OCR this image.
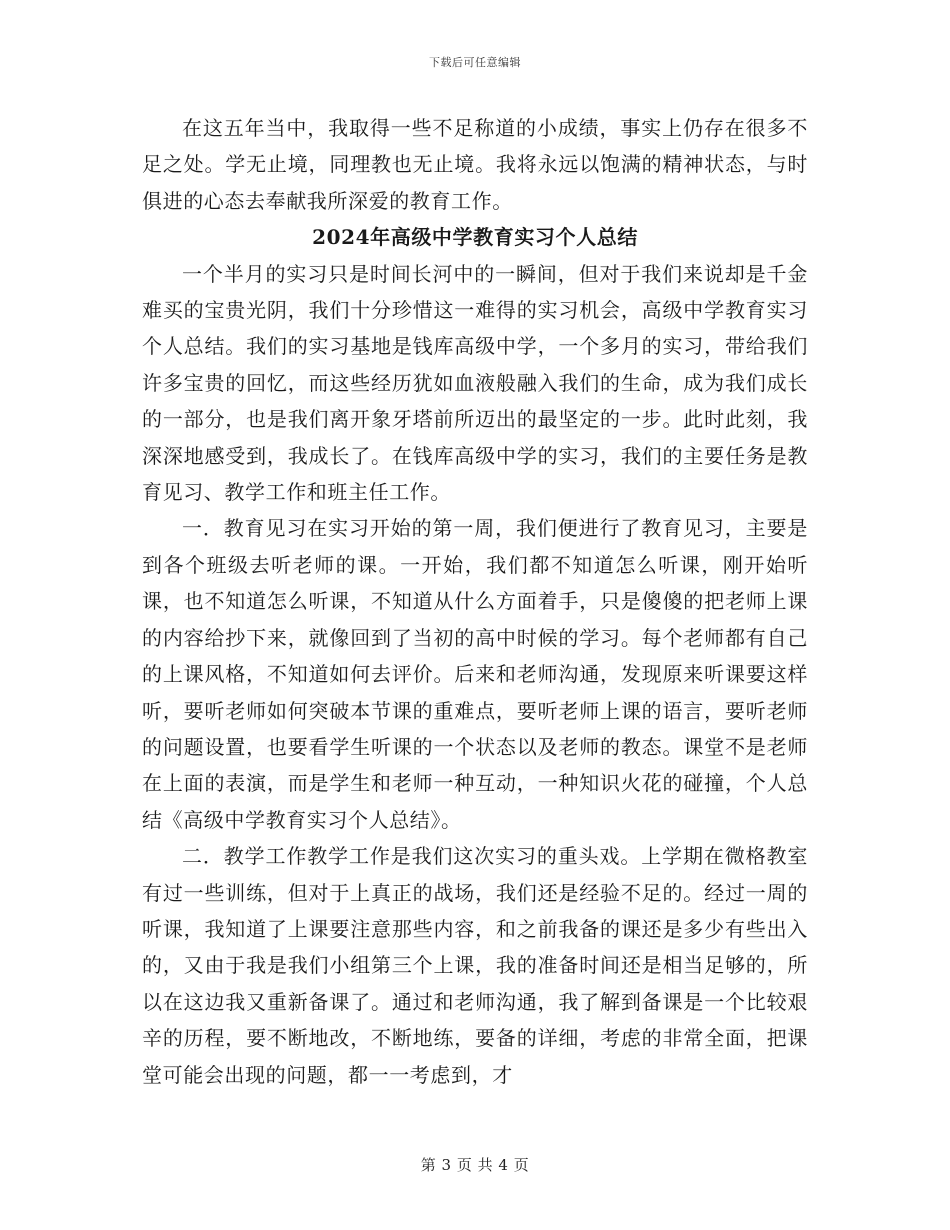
下载后可任意编辑

在这五年当中，我取得一些不足称道的小成绩，事实上仍存在很多不足之处。学无止境，同理教也无止境。我将永远以饱满的精神状态，与时俱进的心态去奉献我所深爱的教育工作。

2024年高级中学教育实习个人总结

一个半月的实习只是时间长河中的一瞬间，但对于我们来说却是千金难买的宝贵光阴，我们十分珍惜这一难得的实习机会，高级中学教育实习个人总结。我们的实习基地是钱库高级中学，一个多月的实习，带给我们许多宝贵的回忆，而这些经历犹如血液般融入我们的生命，成为我们成长的一部分，也是我们离开象牙塔前所迈出的最坚定的一步。此时此刻，我深深地感受到，我成长了。在钱库高级中学的实习，我们的主要任务是教育见习、教学工作和班主任工作。

一．教育见习在实习开始的第一周，我们便进行了教育见习，主要是到各个班级去听老师的课。一开始，我们都不知道怎么听课，刚开始听课，也不知道怎么听课，不知道从什么方面着手，只是傻傻的把老师上课的内容给抄下来，就像回到了当初的高中时候的学习。每个老师都有自己的上课风格，不知道如何去评价。后来和老师沟通，发现原来听课要这样听，要听老师如何突破本节课的重难点，要听老师上课的语言，要听老师的问题设置，也要看学生听课的一个状态以及老师的教态。课堂不是老师在上面的表演，而是学生和老师一种互动，一种知识火花的碰撞，个人总结《高级中学教育实习个人总结》。

二．教学工作教学工作是我们这次实习的重头戏。上学期在微格教室有过一些训练，但对于上真正的战场，我们还是经验不足的。经过一周的听课，我知道了上课要注意那些内容，和之前我备的课还是多少有些出入的，又由于我是我们小组第三个上课，我的准备时间还是相当足够的，所以在这边我又重新备课了。通过和老师沟通，我了解到备课是一个比较艰辛的历程，要不断地改，不断地练，要备的详细，考虑的非常全面，把课堂可能会出现的问题，都一一考虑到，才

第 3 页 共 4 页
